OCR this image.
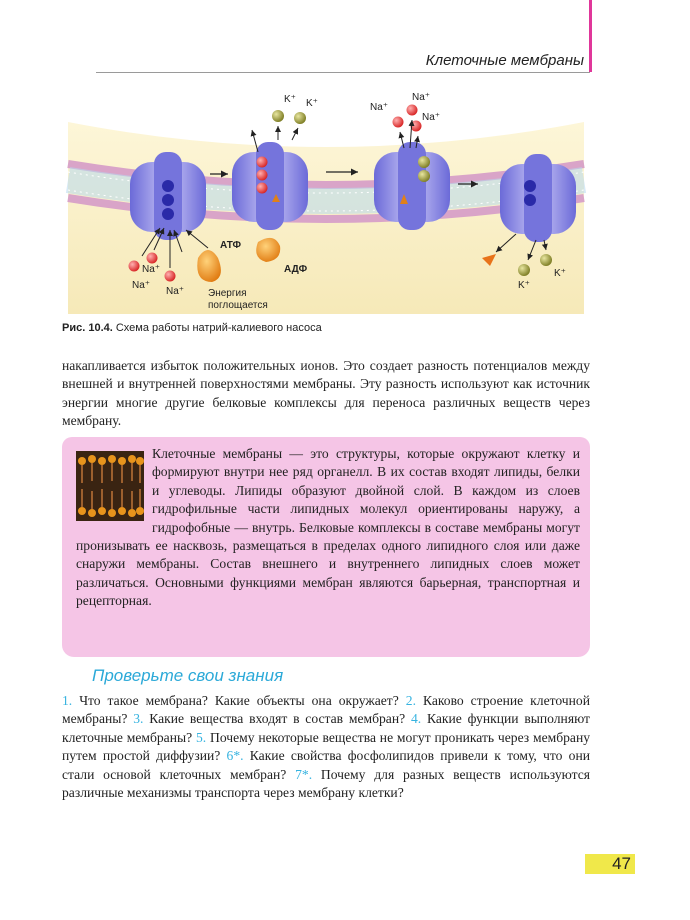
Клеточные мембраны
K⁺ K⁺	Na⁺
Na⁺
Na⁺
Na⁺
Na⁺
Na⁺
АТФ
АДФ
Энергия
поглощается
K⁺
K⁺
Рис. 10.4. Схема работы натрий-калиевого насоса

накапливается избыток положительных ионов. Это создает разность потенциалов между внешней и внутренней поверхностями мембраны. Эту разность используют как источник энергии многие другие белковые комплексы для переноса различных веществ через мембрану.

Клеточные мембраны — это структуры, которые окружают клетку и формируют внутри нее ряд органелл. В их состав входят липиды, белки и углеводы. Липиды образуют двойной слой. В каждом из слоев гидрофильные части липидных молекул ориентированы наружу, а гидрофобные — внутрь. Белковые комплексы в составе мембраны могут пронизывать ее насквозь, размещаться в пределах одного липидного слоя или даже снаружи мембраны. Состав внешнего и внутреннего липидных слоев может различаться. Основными функциями мембран являются барьерная, транспортная и рецепторная.

Проверьте свои знания

1. Что такое мембрана? Какие объекты она окружает? 2. Каково строение клеточной мембраны? 3. Какие вещества входят в состав мембран? 4. Какие функции выполняют клеточные мембраны? 5. Почему некоторые вещества не могут проникать через мембрану путем простой диффузии? 6*. Какие свойства фосфолипидов привели к тому, что они стали основой клеточных мембран? 7*. Почему для разных веществ используются различные механизмы транспорта через мембрану клетки?

47
